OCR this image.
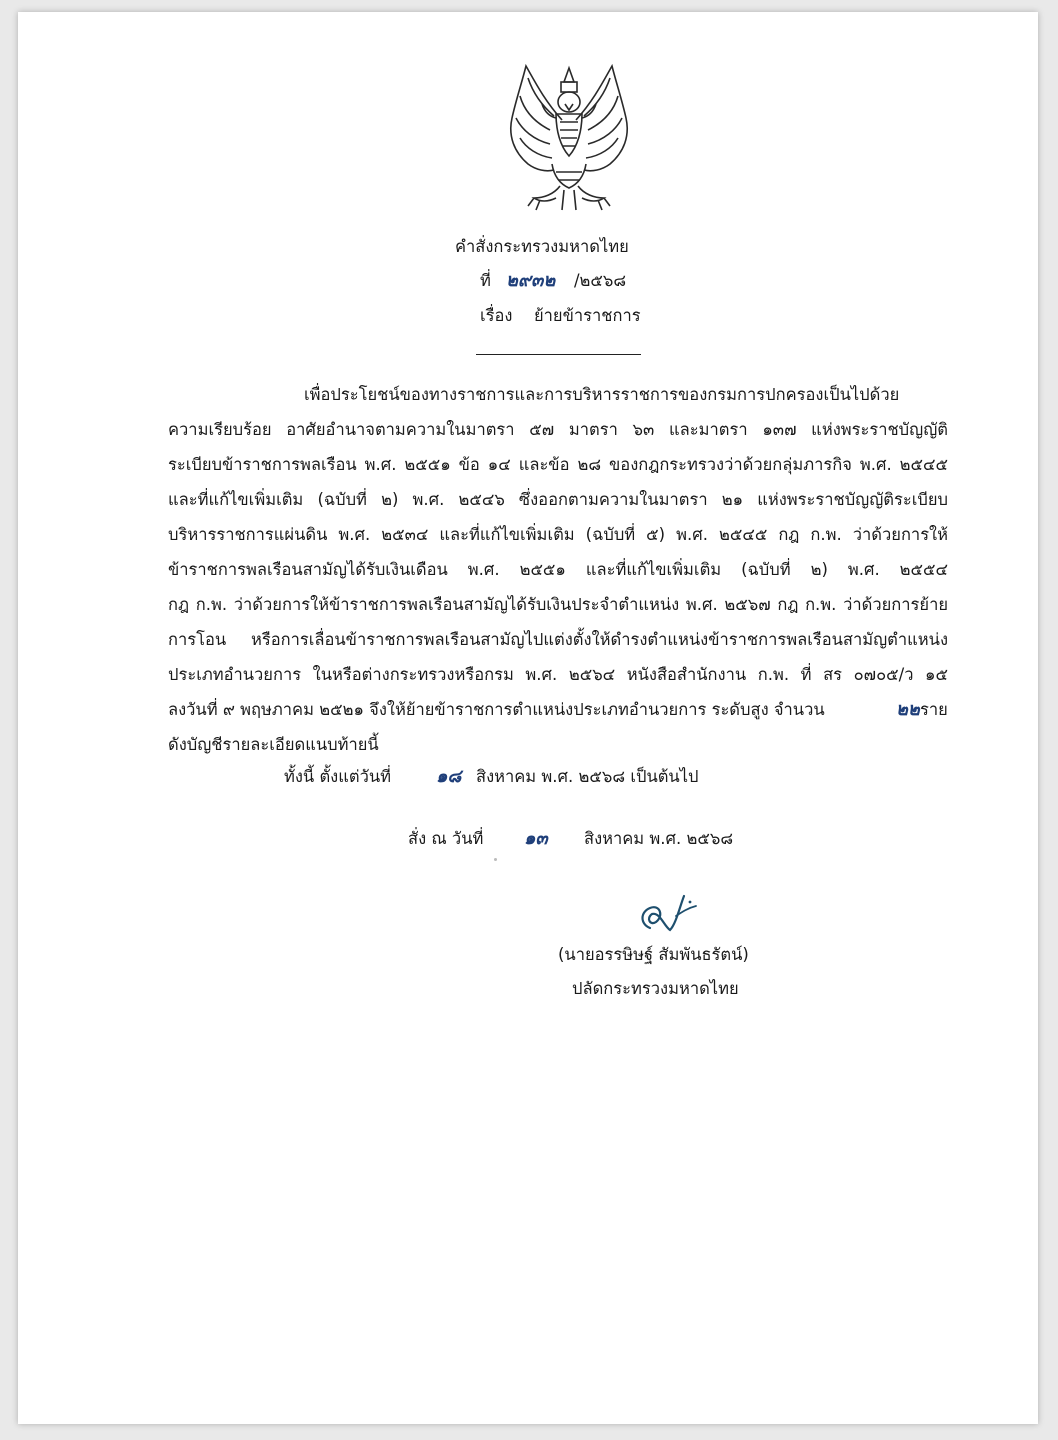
คำสั่งกระทรวงมหาดไทย
ที่ ๒๙๓๒ /๒๕๖๘
เรื่อง ย้ายข้าราชการ
เพื่อประโยชน์ของทางราชการและการบริหารราชการของกรมการปกครองเป็นไปด้วย
ความเรียบร้อย อาศัยอำนาจตามความในมาตรา ๕๗ มาตรา ๖๓ และมาตรา ๑๓๗ แห่งพระราชบัญญัติ
ระเบียบข้าราชการพลเรือน พ.ศ. ๒๕๕๑ ข้อ ๑๔ และข้อ ๒๘ ของกฎกระทรวงว่าด้วยกลุ่มภารกิจ พ.ศ. ๒๕๔๕
และที่แก้ไขเพิ่มเติม (ฉบับที่ ๒) พ.ศ. ๒๕๔๖ ซึ่งออกตามความในมาตรา ๒๑ แห่งพระราชบัญญัติระเบียบ
บริหารราชการแผ่นดิน พ.ศ. ๒๕๓๔ และที่แก้ไขเพิ่มเติม (ฉบับที่ ๕) พ.ศ. ๒๕๔๕ กฎ ก.พ. ว่าด้วยการให้
ข้าราชการพลเรือนสามัญได้รับเงินเดือน พ.ศ. ๒๕๕๑ และที่แก้ไขเพิ่มเติม (ฉบับที่ ๒) พ.ศ. ๒๕๕๔
กฎ ก.พ. ว่าด้วยการให้ข้าราชการพลเรือนสามัญได้รับเงินประจำตำแหน่ง พ.ศ. ๒๕๖๗ กฎ ก.พ. ว่าด้วยการย้าย
การโอน หรือการเลื่อนข้าราชการพลเรือนสามัญไปแต่งตั้งให้ดำรงตำแหน่งข้าราชการพลเรือนสามัญตำแหน่ง
ประเภทอำนวยการ ในหรือต่างกระทรวงหรือกรม พ.ศ. ๒๕๖๔ หนังสือสำนักงาน ก.พ. ที่ สร ๐๗๐๕/ว ๑๕
ลงวันที่ ๙ พฤษภาคม ๒๕๒๑ จึงให้ย้ายข้าราชการตำแหน่งประเภทอำนวยการ ระดับสูง จำนวน	๒๒ ราย
ดังบัญชีรายละเอียดแนบท้ายนี้
ทั้งนี้ ตั้งแต่วันที่ ๑๘ สิงหาคม พ.ศ. ๒๕๖๘ เป็นต้นไป
สั่ง ณ วันที่ ๑๓ สิงหาคม พ.ศ. ๒๕๖๘
(นายอรรษิษฐ์ สัมพันธรัตน์)
ปลัดกระทรวงมหาดไทย
